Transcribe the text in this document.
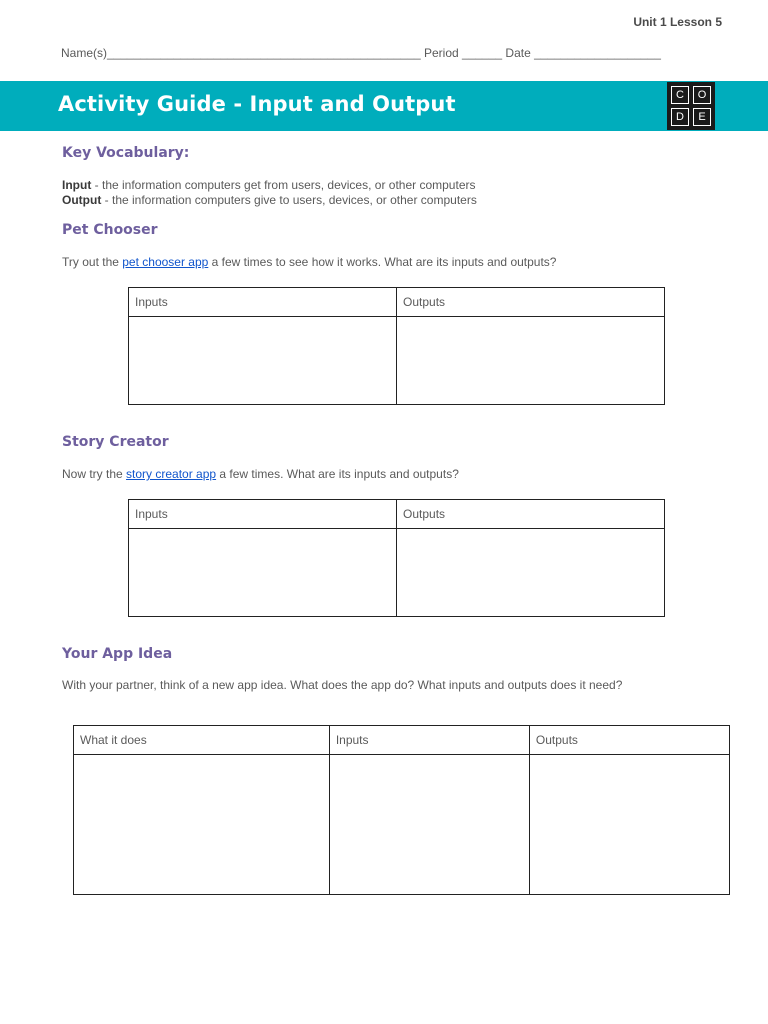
Unit 1 Lesson 5
Name(s)_______________________________________________ Period ______ Date ___________________
Activity Guide - Input and Output	C	O
D	E
Key Vocabulary:
Input - the information computers get from users, devices, or other computers
Output - the information computers give to users, devices, or other computers
Pet Chooser
Try out the pet chooser app a few times to see how it works. What are its inputs and outputs?
Inputs	Outputs

Story Creator
Now try the story creator app a few times. What are its inputs and outputs?
Inputs	Outputs

Your App Idea
With your partner, think of a new app idea. What does the app do? What inputs and outputs does it need?
What it does	Inputs	Outputs
